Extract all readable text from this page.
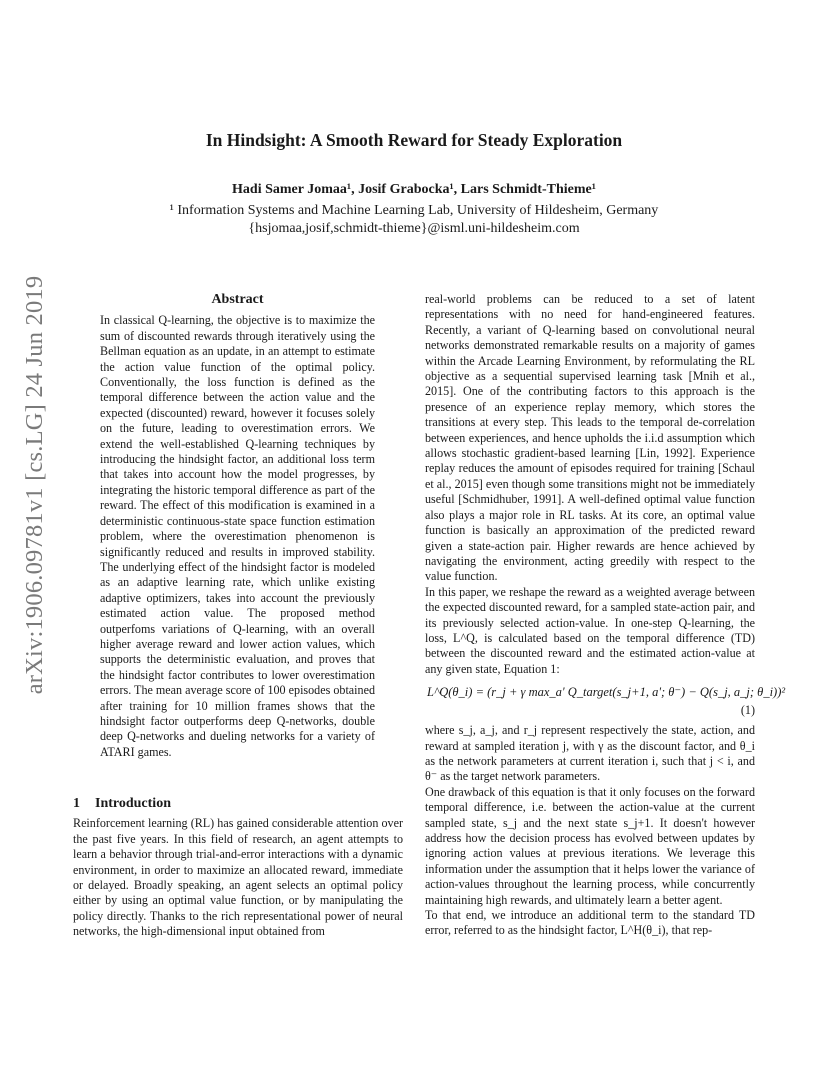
arXiv:1906.09781v1 [cs.LG] 24 Jun 2019
In Hindsight: A Smooth Reward for Steady Exploration
Hadi Samer Jomaa¹, Josif Grabocka¹, Lars Schmidt-Thieme¹
¹ Information Systems and Machine Learning Lab, University of Hildesheim, Germany
{hsjomaa,josif,schmidt-thieme}@isml.uni-hildesheim.com
Abstract

In classical Q-learning, the objective is to maximize the sum of discounted rewards through iteratively using the Bellman equation as an update, in an attempt to estimate the action value function of the optimal policy. Conventionally, the loss function is defined as the temporal difference between the action value and the expected (discounted) reward, however it focuses solely on the future, leading to overestimation errors. We extend the well-established Q-learning techniques by introducing the hindsight factor, an additional loss term that takes into account how the model progresses, by integrating the historic temporal difference as part of the reward. The effect of this modification is examined in a deterministic continuous-state space function estimation problem, where the overestimation phenomenon is significantly reduced and results in improved stability. The underlying effect of the hindsight factor is modeled as an adaptive learning rate, which unlike existing adaptive optimizers, takes into account the previously estimated action value. The proposed method outperfoms variations of Q-learning, with an overall higher average reward and lower action values, which supports the deterministic evaluation, and proves that the hindsight factor contributes to lower overestimation errors. The mean average score of 100 episodes obtained after training for 10 million frames shows that the hindsight factor outperforms deep Q-networks, double deep Q-networks and dueling networks for a variety of ATARI games.

1 Introduction

Reinforcement learning (RL) has gained considerable attention over the past five years. In this field of research, an agent attempts to learn a behavior through trial-and-error interactions with a dynamic environment, in order to maximize an allocated reward, immediate or delayed. Broadly speaking, an agent selects an optimal policy either by using an optimal value function, or by manipulating the policy directly. Thanks to the rich representational power of neural networks, the high-dimensional input obtained from

real-world problems can be reduced to a set of latent representations with no need for hand-engineered features. Recently, a variant of Q-learning based on convolutional neural networks demonstrated remarkable results on a majority of games within the Arcade Learning Environment, by reformulating the RL objective as a sequential supervised learning task [Mnih et al., 2015]. One of the contributing factors to this approach is the presence of an experience replay memory, which stores the transitions at every step. This leads to the temporal de-correlation between experiences, and hence upholds the i.i.d assumption which allows stochastic gradient-based learning [Lin, 1992]. Experience replay reduces the amount of episodes required for training [Schaul et al., 2015] even though some transitions might not be immediately useful [Schmidhuber, 1991]. A well-defined optimal value function also plays a major role in RL tasks. At its core, an optimal value function is basically an approximation of the predicted reward given a state-action pair. Higher rewards are hence achieved by navigating the environment, acting greedily with respect to the value function.

In this paper, we reshape the reward as a weighted average between the expected discounted reward, for a sampled state-action pair, and its previously selected action-value. In one-step Q-learning, the loss, L^Q, is calculated based on the temporal difference (TD) between the discounted reward and the estimated action-value at any given state, Equation 1:

L^Q(θ_i) = (r_j + γ max_a' Q_target(s_j+1, a'; θ⁻) − Q(s_j, a_j; θ_i))²
(1)

where s_j, a_j, and r_j represent respectively the state, action, and reward at sampled iteration j, with γ as the discount factor, and θ_i as the network parameters at current iteration i, such that j < i, and θ⁻ as the target network parameters.

One drawback of this equation is that it only focuses on the forward temporal difference, i.e. between the action-value at the current sampled state, s_j and the next state s_j+1. It doesn't however address how the decision process has evolved between updates by ignoring action values at previous iterations. We leverage this information under the assumption that it helps lower the variance of action-values throughout the learning process, while concurrently maintaining high rewards, and ultimately learn a better agent.

To that end, we introduce an additional term to the standard TD error, referred to as the hindsight factor, L^H(θ_i), that rep-
